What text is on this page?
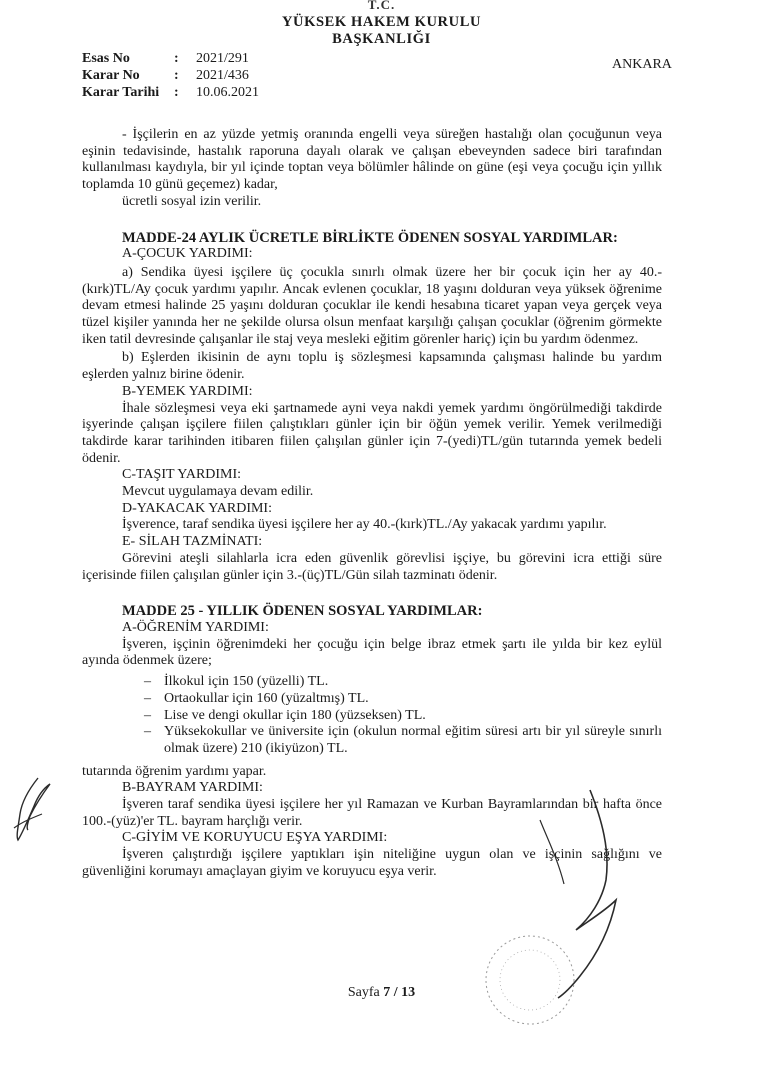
T.C.
YÜKSEK HAKEM KURULU
BAŞKANLIĞI
Esas No	:	2021/291
Karar No	:	2021/436
Karar Tarihi	:	10.06.2021
ANKARA

- İşçilerin en az yüzde yetmiş oranında engelli veya süreğen hastalığı olan çocuğunun veya eşinin tedavisinde, hastalık raporuna dayalı olarak ve çalışan ebeveynden sadece biri tarafından kullanılması kaydıyla, bir yıl içinde toptan veya bölümler hâlinde on güne (eşi veya çocuğu için yıllık toplamda 10 günü geçemez) kadar,

ücretli sosyal izin verilir.

MADDE-24 AYLIK ÜCRETLE BİRLİKTE ÖDENEN SOSYAL YARDIMLAR:
A-ÇOCUK YARDIMI:

a) Sendika üyesi işçilere üç çocukla sınırlı olmak üzere her bir çocuk için her ay 40.-(kırk)TL/Ay çocuk yardımı yapılır. Ancak evlenen çocuklar, 18 yaşını dolduran veya yüksek öğrenime devam etmesi halinde 25 yaşını dolduran çocuklar ile kendi hesabına ticaret yapan veya gerçek veya tüzel kişiler yanında her ne şekilde olursa olsun menfaat karşılığı çalışan çocuklar (öğrenim görmekte iken tatil devresinde çalışanlar ile staj veya mesleki eğitim görenler hariç) için bu yardım ödenmez.

b) Eşlerden ikisinin de aynı toplu iş sözleşmesi kapsamında çalışması halinde bu yardım eşlerden yalnız birine ödenir.

B-YEMEK YARDIMI:

İhale sözleşmesi veya eki şartnamede ayni veya nakdi yemek yardımı öngörülmediği takdirde işyerinde çalışan işçilere fiilen çalıştıkları günler için bir öğün yemek verilir. Yemek verilmediği takdirde karar tarihinden itibaren fiilen çalışılan günler için 7-(yedi)TL/gün tutarında yemek bedeli ödenir.

C-TAŞIT YARDIMI:

Mevcut uygulamaya devam edilir.

D-YAKACAK YARDIMI:

İşverence, taraf sendika üyesi işçilere her ay 40.-(kırk)TL./Ay yakacak yardımı yapılır.

E- SİLAH TAZMİNATI:

Görevini ateşli silahlarla icra eden güvenlik görevlisi işçiye, bu görevini icra ettiği süre içerisinde fiilen çalışılan günler için 3.-(üç)TL/Gün silah tazminatı ödenir.

MADDE 25 - YILLIK ÖDENEN SOSYAL YARDIMLAR:
A-ÖĞRENİM YARDIMI:

İşveren, işçinin öğrenimdeki her çocuğu için belge ibraz etmek şartı ile yılda bir kez eylül ayında ödenmek üzere;

– İlkokul için 150 (yüzelli) TL.
– Ortaokullar için 160 (yüzaltmış) TL.
– Lise ve dengi okullar için 180 (yüzseksen) TL.
– Yüksekokullar ve üniversite için (okulun normal eğitim süresi artı bir yıl süreyle sınırlı olmak üzere) 210 (ikiyüzon) TL.

tutarında öğrenim yardımı yapar.

B-BAYRAM YARDIMI:

İşveren taraf sendika üyesi işçilere her yıl Ramazan ve Kurban Bayramlarından bir hafta önce 100.-(yüz)'er TL. bayram harçlığı verir.

C-GİYİM VE KORUYUCU EŞYA YARDIMI:

İşveren çalıştırdığı işçilere yaptıkları işin niteliğine uygun olan ve işçinin sağlığını ve güvenliğini korumayı amaçlayan giyim ve koruyucu eşya verir.

Sayfa 7 / 13
